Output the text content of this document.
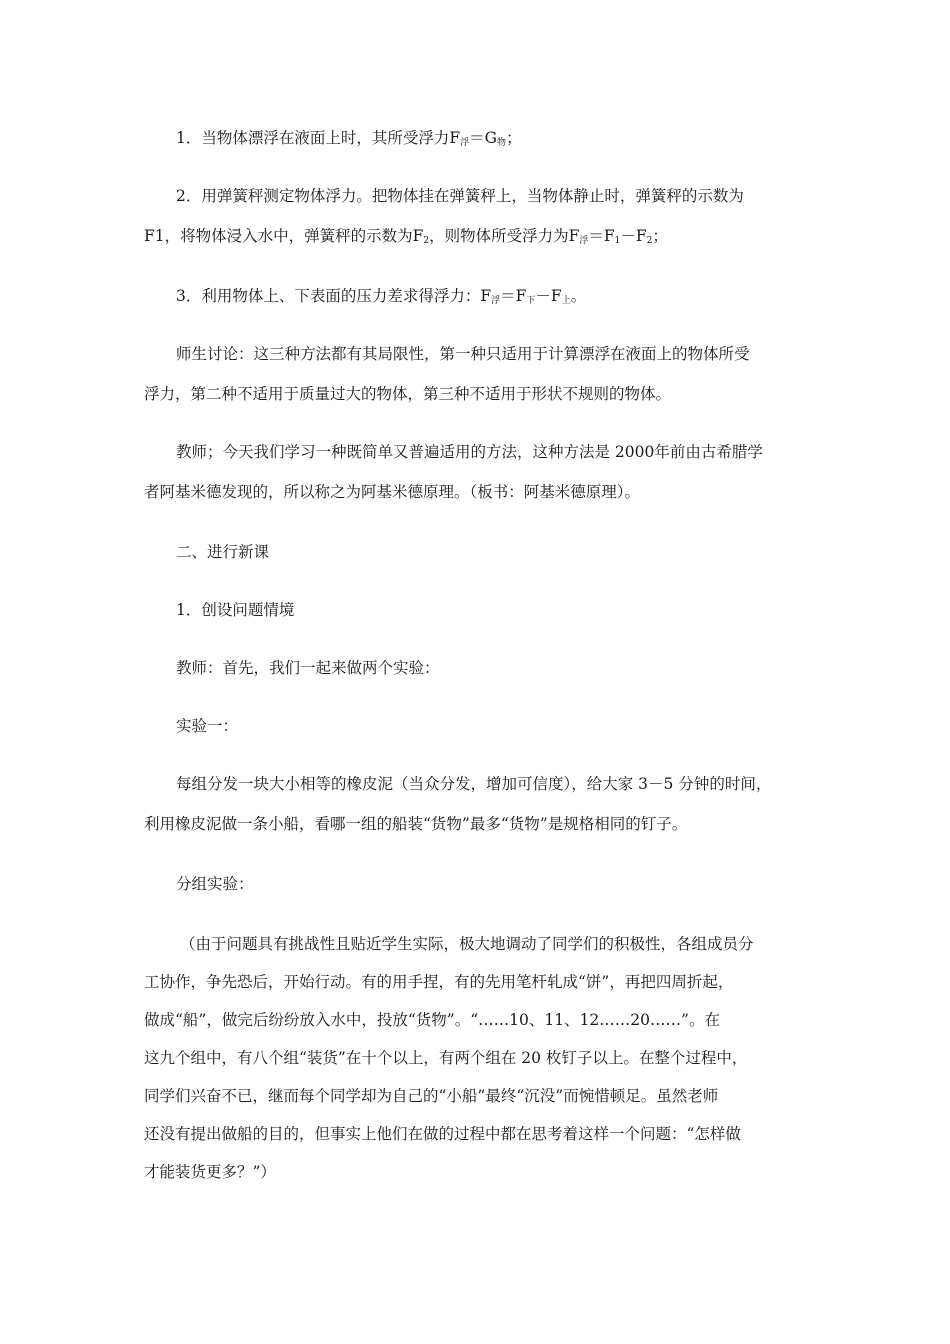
1．当物体漂浮在液面上时，其所受浮力$F_浮=G_物$；
2．用弹簧秤测定物体浮力。把物体挂在弹簧秤上，当物体静止时，弹簧秤的示数为
F1，将物体浸入水中，弹簧秤的示数为$F_2$，则物体所受浮力为$F_浮=F_1-F_2$；
3．利用物体上、下表面的压力差求得浮力：$F_浮=F_下-F_上$。
师生讨论：这三种方法都有其局限性，第一种只适用于计算漂浮在液面上的物体所受
浮力，第二种不适用于质量过大的物体，第三种不适用于形状不规则的物体。
教师；今天我们学习一种既简单又普遍适用的方法，这种方法是 2000年前由古希腊学
者阿基米德发现的，所以称之为阿基米德原理。（板书：阿基米德原理）。
二、进行新课
1．创设问题情境
教师：首先，我们一起来做两个实验：
实验一：
每组分发一块大小相等的橡皮泥（当众分发，增加可信度），给大家 3－5 分钟的时间，
利用橡皮泥做一条小船，看哪一组的船装“货物”最多“货物”是规格相同的钉子。
分组实验：
（由于问题具有挑战性且贴近学生实际，极大地调动了同学们的积极性，各组成员分
工协作，争先恐后，开始行动。有的用手捏，有的先用笔杆轧成“饼”，再把四周折起，
做成“船”，做完后纷纷放入水中，投放“货物”。“……10、11、12……20……”。在
这九个组中，有八个组“装货”在十个以上，有两个组在 20 枚钉子以上。在整个过程中，
同学们兴奋不已，继而每个同学却为自己的“小船”最终“沉没”而惋惜顿足。虽然老师
还没有提出做船的目的，但事实上他们在做的过程中都在思考着这样一个问题：“怎样做
才能装货更多？”）
